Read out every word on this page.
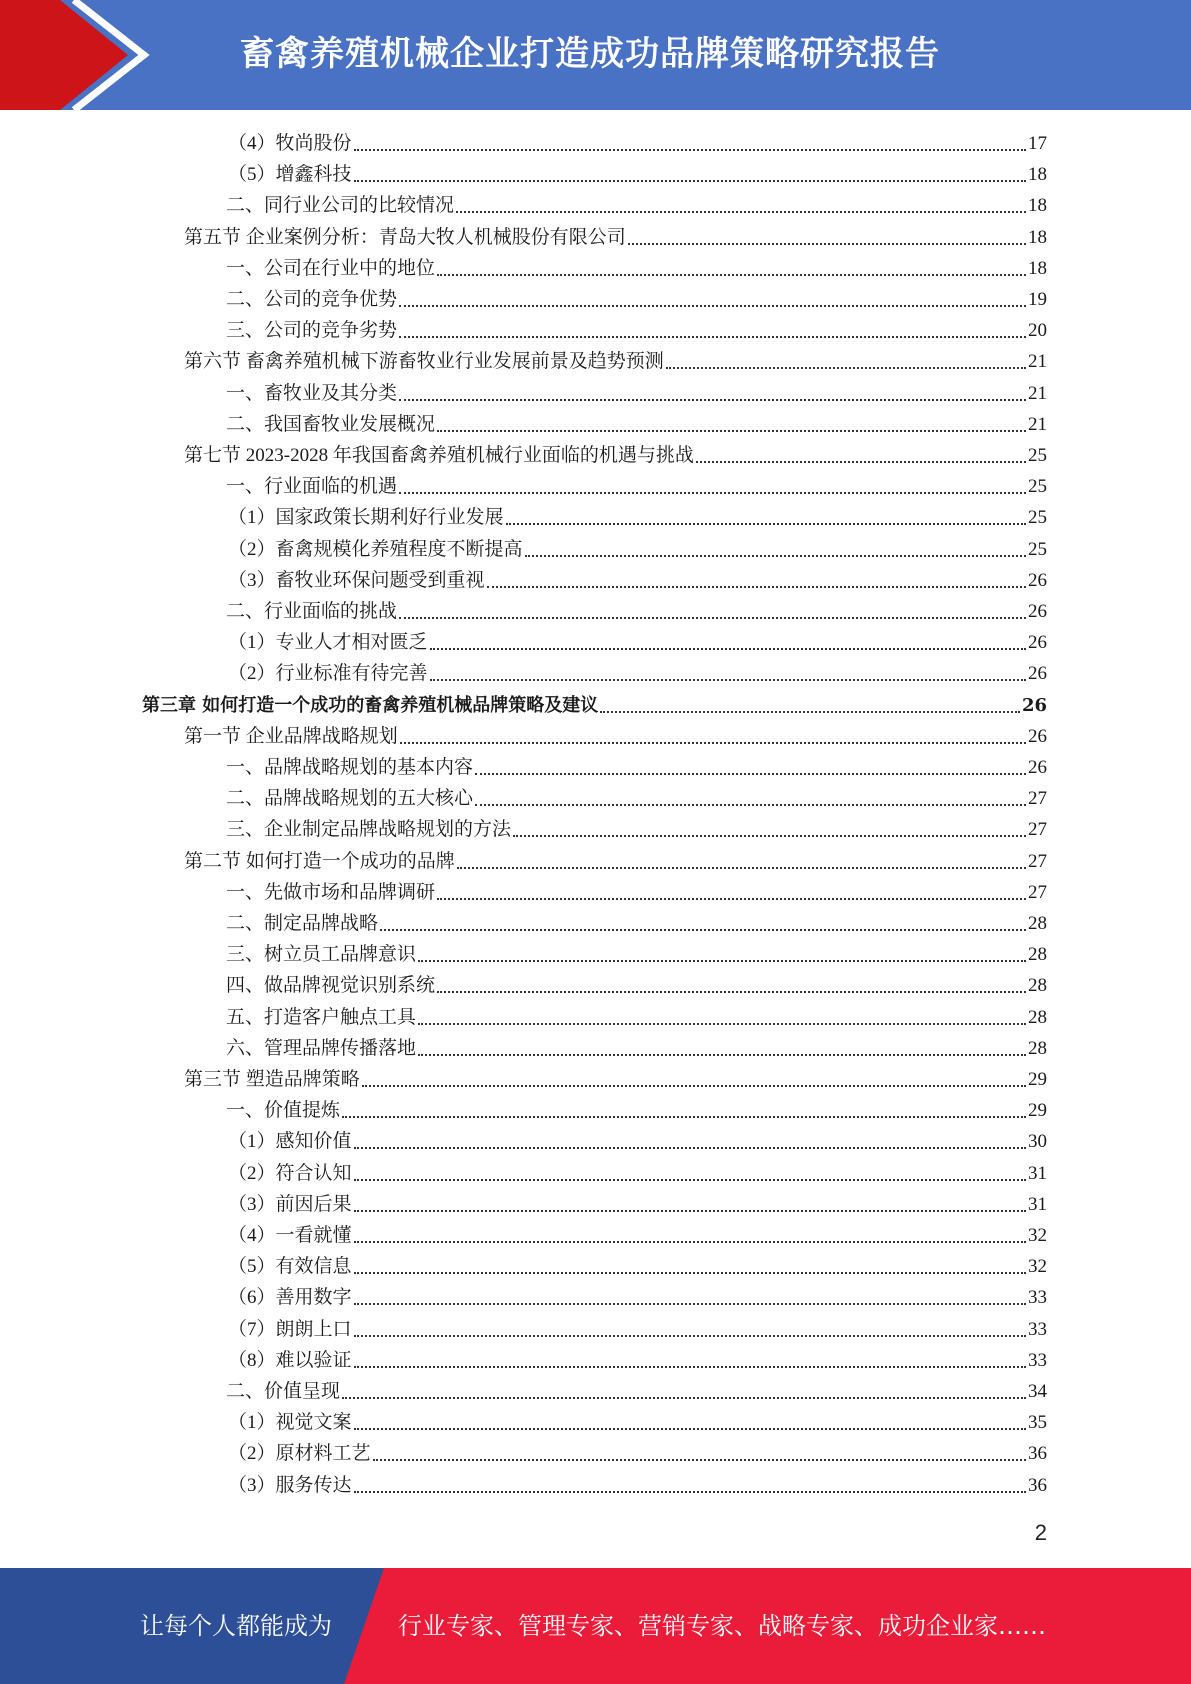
畜禽养殖机械企业打造成功品牌策略研究报告
（4）牧尚股份	17
（5）增鑫科技	18
二、同行业公司的比较情况	18
第五节 企业案例分析：青岛大牧人机械股份有限公司	18
一、公司在行业中的地位	18
二、公司的竞争优势	19
三、公司的竞争劣势	20
第六节 畜禽养殖机械下游畜牧业行业发展前景及趋势预测	21
一、畜牧业及其分类	21
二、我国畜牧业发展概况	21
第七节 2023-2028 年我国畜禽养殖机械行业面临的机遇与挑战	25
一、行业面临的机遇	25
（1）国家政策长期利好行业发展	25
（2）畜禽规模化养殖程度不断提高	25
（3）畜牧业环保问题受到重视	26
二、行业面临的挑战	26
（1）专业人才相对匮乏	26
（2）行业标准有待完善	26
第三章 如何打造一个成功的畜禽养殖机械品牌策略及建议	26
第一节 企业品牌战略规划	26
一、品牌战略规划的基本内容	26
二、品牌战略规划的五大核心	27
三、企业制定品牌战略规划的方法	27
第二节 如何打造一个成功的品牌	27
一、先做市场和品牌调研	27
二、制定品牌战略	28
三、树立员工品牌意识	28
四、做品牌视觉识别系统	28
五、打造客户触点工具	28
六、管理品牌传播落地	28
第三节 塑造品牌策略	29
一、价值提炼	29
（1）感知价值	30
（2）符合认知	31
（3）前因后果	31
（4）一看就懂	32
（5）有效信息	32
（6）善用数字	33
（7）朗朗上口	33
（8）难以验证	33
二、价值呈现	34
（1）视觉文案	35
（2）原材料工艺	36
（3）服务传达	36
2
让每个人都能成为	行业专家、管理专家、营销专家、战略专家、成功企业家……
